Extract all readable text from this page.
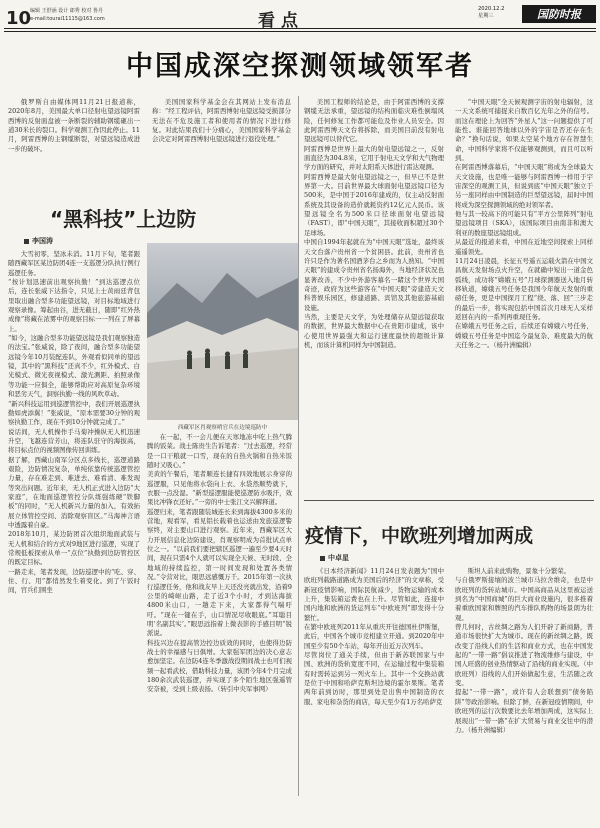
10
编辑 王舒涵 设计 郎秀 校对 鲁丹
e-mail:tourai11115@163.com	看点
2020.12.2
星期三	国防时报
中国成深空探测领域领军者

俄罗斯自由媒体网11月21日报道称，2020年8月，美国最大单口径射电望远镜阿雷西博的反射面盘被一条断裂的辅助钢缆砸出一道30米长的裂口。科学观测工作因此停止。11月，阿雷西博的主钢缆断裂，对望远镜造成进一步的破坏。

美国国家科学基金会在其网站上发布消息称：“经工程评估，阿雷西博射电望远镜受损部分无法在不危及施工者和使用者的情况下进行修复。对此结果我们十分痛心，美国国家科学基金会决定对阿雷西博射电望远镜进行退役处理。”

美国工程师的结论是，由于阿雷西博的支撑钢缆无法承重，望远镜的结构面临灾难性倒塌风险，任何修复工作都可能危及作业人员安全。因此阿雷西博天文台将拆除，而美国目前没有射电望远镜可以替代它。
阿雷西博是世界上最大的射电望远镜之一，反射面直径为304.8米，它用于射电天文学和大气物理学方面的研究，并对太阳系天体进行雷达观测。
阿雷西博是最大射电望远镜之一，但早已不是世界第一大。目前世界最大球面射电望远镜口径为500米，是中国于2016年建成的，仅主动反射面系统及其设备的造价就耗资约12亿元人民币。该望远镜全名为500米口径球面射电望远镜（FAST），即“中国天眼”，其接收面积超过30个足球场。
中国自1994年起就在为“中国天眼”选址，最终该天文台落户贵州省一个贫困县。此前，贵州省也许只是作为著名国酒茅台之乡而为人熟知。“中国天眼”的建成令贵州省名扬海外，当地经济状况也显著改善，不少中外游客慕名一睹这个世界大国奇迹，政府为这些游客在“中国天眼”旁建造天文科普娱乐园区，修建道路、宾馆及其他旅游基础设施。
当然，主要是天文学，为处理储存从望远镜获取的数据，世界最大数据中心在贵阳市建成，该中心使用世界最强大和运行速度最快的超级计算机，而该计算机同样为中国制造。

“中国天眼”全天候观测宇宙的射电辐射，这一天文系统可捕捉来自数百亿光年之外的信号。而这在理论上为回答“外星人”这一问题提供了可能性。谁能回答地球以外的宇宙是否还存在生命？”换句话说，如果太空某个地方存在智慧生命，中国科学家将不仅能够观测到，而且可以听到。
在阿雷西博落幕后，“中国天眼”将成为全球最大天文设施，也是唯一能够与阿雷西博一样用于宇宙深空的观测工具，但说到底“中国天眼”独立于另一座同样由中国制造的巨型望远镜，届时中国将成为深空探测领域的绝对领军者。
他与其一较高下的可能只有“平方公里阵列”射电望远镜项目（SKA），该国际项目由南非和澳大利亚的数座望远镜组成。
从最近的报道来看，中国在近地空间探索上同样遥遥领先。
11月24日凌晨，长征五号遥五运载火箭在中国文昌航天发射场点火升空，在就确中短出一道金色弧线，成功将“嫦娥五号”月球探测器送入地月转移轨道，嫦娥五号任务是我国今年航天发射的重磅任务，更是中国探月工程“绕、落、回”三步走的最后一步，将实现包括中国首次月球无人采样返回在内的一系列再重现任务。
在嫦娥五号任务之后，后续还有嫦娥六号任务，嫦娥五号任务是中国迄今最复杂、难度最大的航天任务之一。（杨升洲编辑）

“黑科技”上边防
李国涛

大雪初零，坚冰未消。11月下旬，笔者跟随西藏军区某边防团4连一支巡逻分队执行例行巡逻任务。
“按计划迅速前出观察执勤！”到达巡逻点位后，连长张威下达指令，只见上士黄雨廷背包里取出融合型多功能望远镜，对目标地域进行观察录像。筹起由谷，进无截日，随即“红外热成像”将藏在浓雾中的观察目标一一列在了屏幕上。
“如今，这融合型多功能望远镜是我们观察独造的法宝。”张威说，除了夜间，融合型多功能望远镜今年10月装配连队，外观看似同单的望远镜，其中的“黑科技”还真不少，红外模式、白光模式、微光夜视模式、激光测距、拍照录像等功能一应俱全，能够帮助应对高原复杂环境和恶劣天气，洞察执勤一线的风吹草动。
“新兴科技运用到巡逻管控中，我们开展巡逻执勤如虎添翼！”张威说，“原本需要30分钟的观察执勤工作，现在不到10分钟就完成了。”
说话间，无人机操作手马菊冲操纵无人机迅速升空，飞越连营芳山，将连队驻守的海拔高，将目标点位的视频图像传回训练。
据了解，西藏山南军分区点多线长，巡逻道路艰险，边防情况复杂，单纯依靠传统巡逻管控力量，存在难走到、难进去、难看清、难发现等突出问题。近年来，无人机正式进入边防“大家庭”，在地面巡逻管控分队练强练硬“铁脚板”的同时，“无人机新兴力量的加入，有效拓展立体管控空间、消除观察盲区。”马海神言语中透露着自豪。
2018年10月，某边防团首次组织地面武装与无人机和结合的方式对9地区进行巡逻，实现了常规低板探索从单一“点位”执勤到边防管控区的既定目标。
一路走来，笔者发现，边防巡逻中的“吃、穿、住、行、用”都悄然发生着变化。到了午饭时间，官兵们围坐

西藏军区肖观察哨官兵在边境巡防中

在一起，不一会儿便在天寒地冻中吃上热气腾腾的饭菜。战士陈贵生告诉笔者：“过去巡逻，经常是一口干粮就一口雪，现在的自热火锅和自热米饭随时又吸心。”
美黄的午餐后，笔者顺连长捷有四效地展示身穿的巡逻服，只见他将水袋向上衣、水袋然顺势就下，衣服一点没湿。“新型巡逻服能使巡逻防水吸汗，效果比冲锋衣还好。”一旁的中士张江文兴解释道。
巡逻归来，笔者跟随装城连长来到海拔4300多米的营地，观看军，看见铝长载着也运送由发旅巡逻警察终，对主要山口进行观察。近年来，西藏军区大力开展信息化边防建设，肖观察明成为首批试点单位之一。“以前我们要把辖区巡逻一遍至少要4天时间，现在只需4个人就可以实现全天候、无时段、全地域的持续监控，第一时间发现和处置各类情况。”令营对比，眼思远感慨万千。2015年第一次执行巡逻任务，他和战友早上天还没亮就出发，沿着9公里的崎岖山路，走了近3个小时，才到达海拔4800米山口，一趟走下来，大家都得气喘吁吁。“现在一键在手，山口情况尽收眼底。”耳聪目明‘名副其实’。”眼思远指着上微表影的手感目明“锐派说。
科技兴边在提高管边控边质效的同时，也使得边防战士的幸福感与日俱增。大家强军团边的决心意志愈加坚定。在边防4连冬季激战役期间战士也可们视频一起看武校，借助科技力量，该团今年4个月完成180余次武装巡逻，并实现了多个陌生地区强遥管安奈被，受到上级表扬。（转引中央军事网）

疫情下，中欧班列增加两成
中卓星

《日本经济新闻》11月24日发表题为“国中欧班列载路道路成为美国后的经济”的文章称，受新冠疫情影响，国际民航减少，货物运输的成本上升，集装箱运费也在上升。尽管如此，连接中国内地和欧洲的货运列车“中欧班列”即发得十分繁忙。
在繁中欧班列2011年从重庆开往德国杜伊斯堡，此后，中国各个城市竞相建立开通。到2020年中国至少有50个车站，每年开出近万次列车。
尽管岗位了通关手续，但由于新苏联国家与中国、欧洲的货轨宽度不同，在运输过程中集装箱有时需转运到另一列火车上。其中一个交换站就是位于中国和哈萨克斯坦边境的霍尔果斯。笔者两年前到访时，那里到处是出售中国制造的衣服、家电和杂货的商店，每天至少有1万名哈萨克

斯坦人前来此购物，景象十分繁荣。
与自俄罗斯接壤的波兰城市马拉舍维奇，也是中欧班列的货转站城市。中国高商品从这里被运送到名为“中国商城”的巨大商业设施内，很多推着着重欧国家和牌照的汽车排队购物的场景朗为壮观。
曾几何时，古丝绸之路为人们开辟了新商路，普通市场很快扩大为城市。现在的新丝绸之路，既改变了沿线人们的生活和商业方式，也在中国发起的“一带一路”倡议推进了物流维修与建设，中国人旺盛的创业热情驱动了沿线的商业实现。（中欧班列）沿线的人们开始做起生意，生活随之改变。
提起“一带一路”，或许有人会联想到“债务陷阱”等政治影响。但除了鲜，在新冠疫情期间，中欧班列的运行次数要比去年增加两成，这实际上展现出“一带一路”在扩大贸易与商业交往中的潜力。（杨升洲编辑）
